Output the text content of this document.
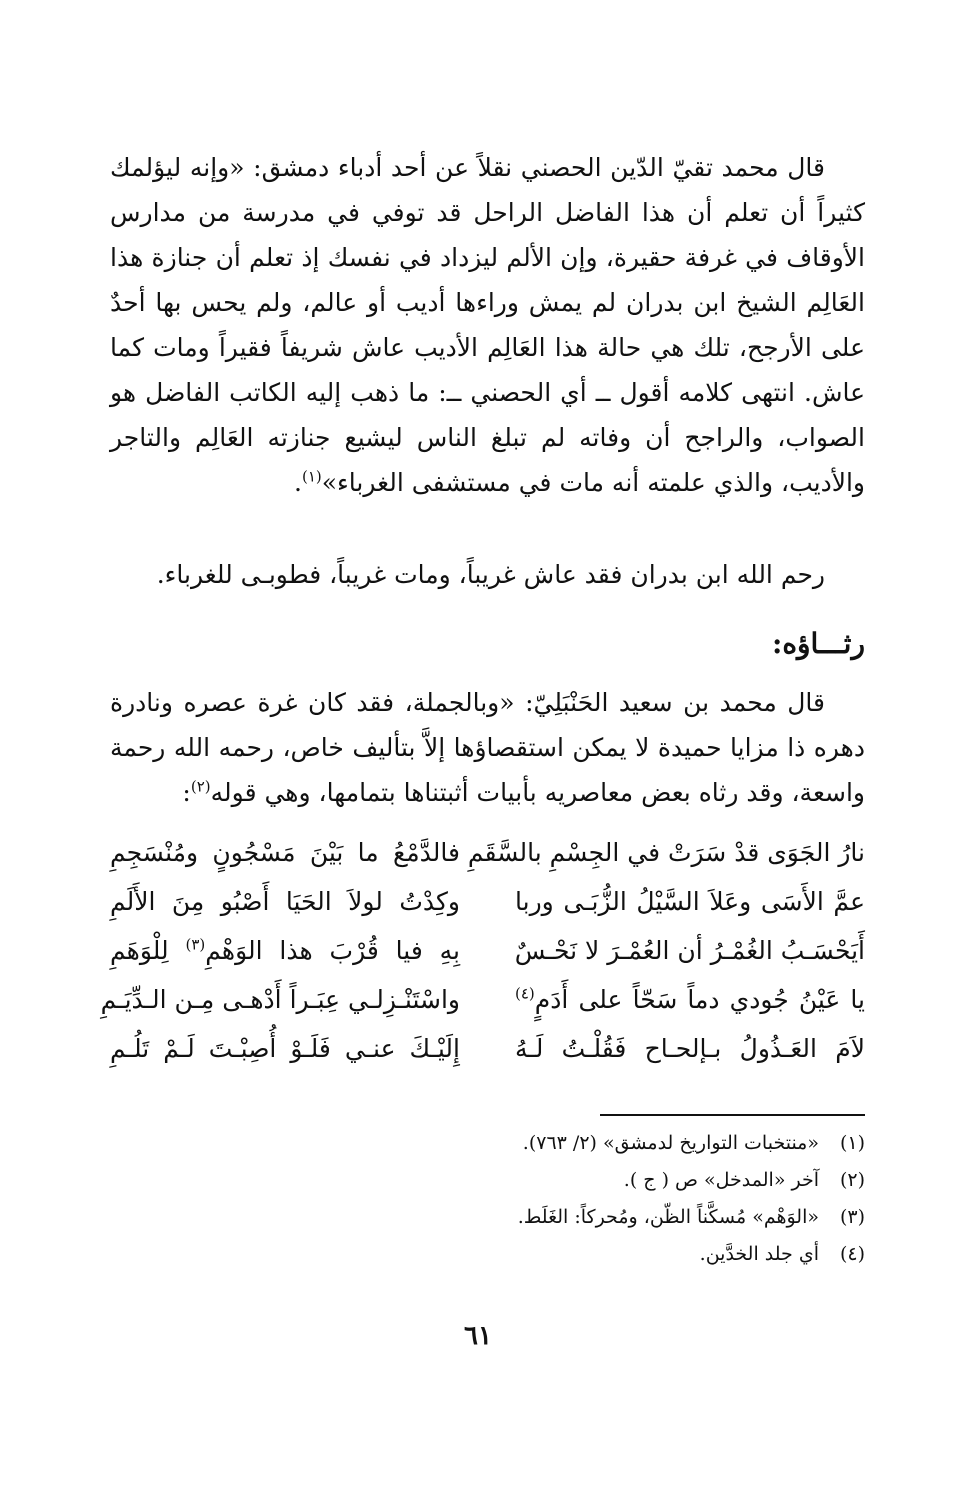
قال محمد تقيّ الدّين الحصني نقلاً عن أحد أدباء دمشق: «وإنه ليؤلمك كثيراً أن تعلم أن هذا الفاضل الراحل قد توفي في مدرسة من مدارس الأوقاف في غرفة حقيرة، وإن الألم ليزداد في نفسك إذ تعلم أن جنازة هذا العَالِم الشيخ ابن بدران لم يمش وراءها أديب أو عالم، ولم يحس بها أحدٌ على الأرجح، تلك هي حالة هذا العَالِم الأديب عاش شريفاً فقيراً ومات كما عاش. انتهى كلامه أقول ــ أي الحصني ــ: ما ذهب إليه الكاتب الفاضل هو الصواب، والراجح أن وفاته لم تبلغ الناس ليشيع جنازته العَالِم والتاجر والأديب، والذي علمته أنه مات في مستشفى الغرباء»$^{(١)}$.

رحم الله ابن بدران فقد عاش غريباً، ومات غريباً، فطوبـى للغرباء.
رثـــاؤه:

قال محمد بن سعيد الحَنْبَلِيّ: «وبالجملة، فقد كان غرة عصره ونادرة دهره ذا مزايا حميدة لا يمكن استقصاؤها إلاَّ بتأليف خاص، رحمه الله رحمة واسعة، وقد رثاه بعض معاصريه بأبيات أثبتناها بتمامها، وهي قوله$^{(٢)}$:

نارُ الجَوَى قدْ سَرَتْ في الجِسْمِ بالسَّقَمِ
فالدَّمْعُ ما بَيْنَ مَسْجُونٍ ومُنْسَجِمِ
عمَّ الأَسَى وعَلاَ السَّيْلُ الزُّبَـى وربا
وكِدْتُ لولاَ الحَيَا أَصْبُو مِنَ الأَلَمِ
أَيَحْسَـبُ الغُمْـرُ أن العُمْـرَ لا نَحْـسٌ
بِهِ فيا قُرْبَ هذا الوَهْمِ$^{(٣)}$ لِلْوَهَمِ
يا عَيْنُ جُودي دماً سَحّاً على أَدَمٍ$^{(٤)}$
واسْتَنْـزِلـي عِبَـراً أَدْهـى مِـن الـدِّيَـمِ
لاَمَ العَـذُولُ بـإلحـاح فَقُلْـتُ لَـهُ
إِلَيْـكَ عنـي فَلَـوْ أُصِبْـتَ لَـمْ تَلُـمِ
(١)
«منتخبات التواريخ لدمشق» (٢/ ٧٦٣).
(٢)
آخر «المدخل» ص ( ج ).
(٣)
«الوَهْم» مُسكَّناً الظّن، ومُحركاً: الغَلَط.
(٤)
أي جلد الخدَّين.
٦١
